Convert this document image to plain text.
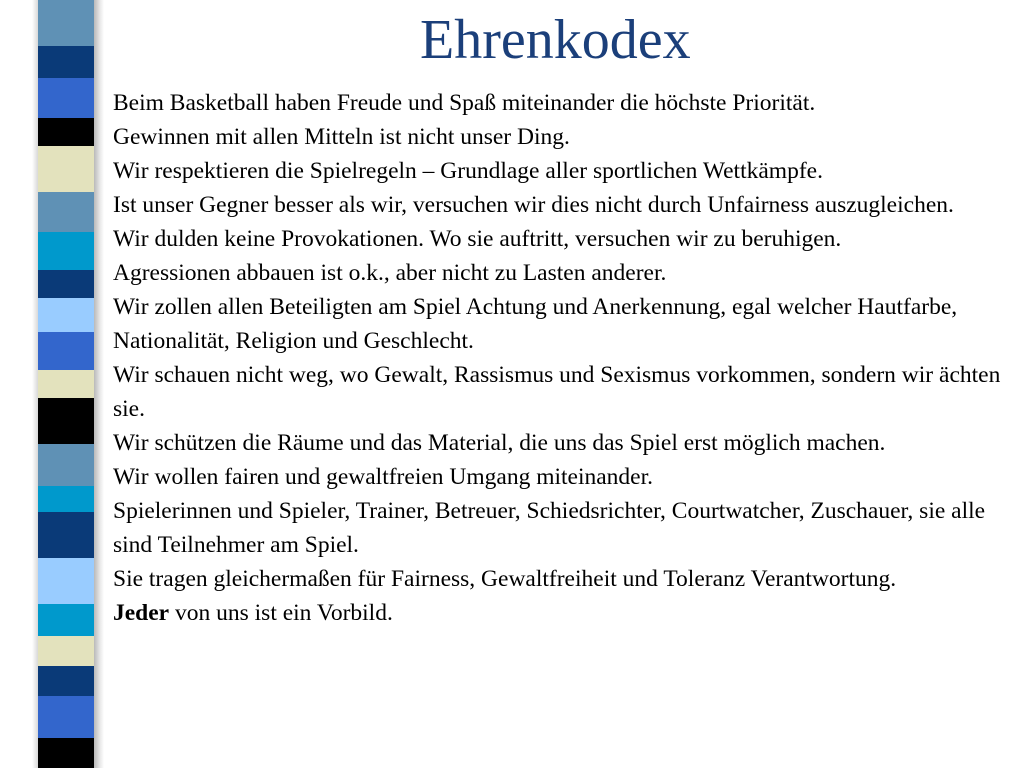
Ehrenkodex

Beim Basketball haben Freude und Spaß miteinander die höchste Priorität.

Gewinnen mit allen Mitteln ist nicht unser Ding.

Wir respektieren die Spielregeln – Grundlage aller sportlichen Wettkämpfe.

Ist unser Gegner besser als wir, versuchen wir dies nicht durch Unfairness auszugleichen.

Wir dulden keine Provokationen. Wo sie auftritt, versuchen wir zu beruhigen.

Agressionen abbauen ist o.k., aber nicht zu Lasten anderer.

Wir zollen allen Beteiligten am Spiel Achtung und Anerkennung, egal welcher Hautfarbe, Nationalität, Religion und Geschlecht.

Wir schauen nicht weg, wo Gewalt, Rassismus und Sexismus vorkommen, sondern wir ächten sie.

Wir schützen die Räume und das Material, die uns das Spiel erst möglich machen.

Wir wollen fairen und gewaltfreien Umgang miteinander.

Spielerinnen und Spieler, Trainer, Betreuer, Schiedsrichter, Courtwatcher, Zuschauer, sie alle sind Teilnehmer am Spiel.

Sie tragen gleichermaßen für Fairness, Gewaltfreiheit und Toleranz Verantwortung.

Jeder von uns ist ein Vorbild.
